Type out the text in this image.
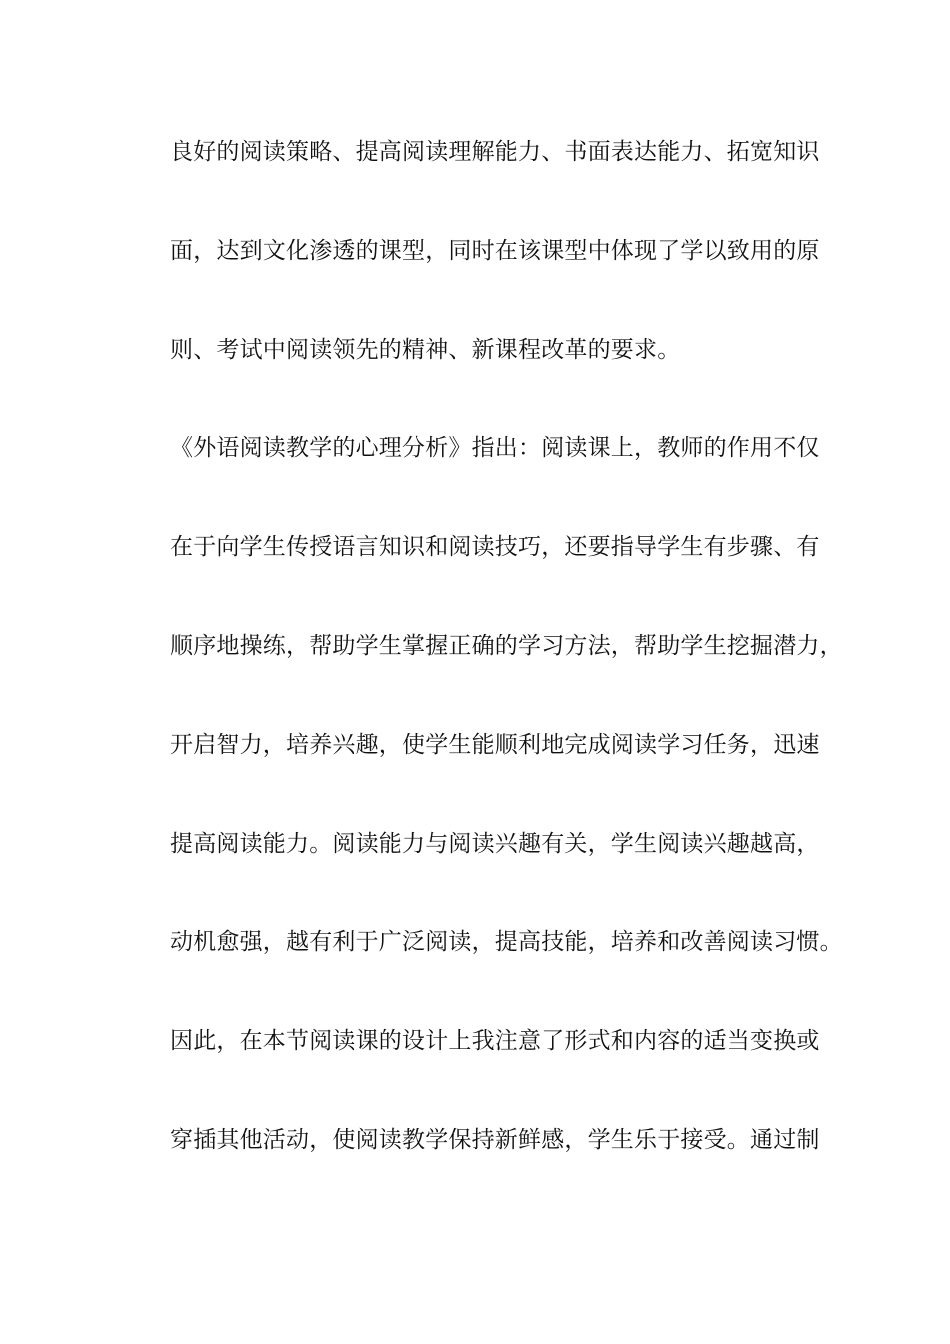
良好的阅读策略、提高阅读理解能力、书面表达能力、拓宽知识
面，达到文化渗透的课型，同时在该课型中体现了学以致用的原
则、考试中阅读领先的精神、新课程改革的要求。
《外语阅读教学的心理分析》指出：阅读课上，教师的作用不仅
在于向学生传授语言知识和阅读技巧，还要指导学生有步骤、有
顺序地操练，帮助学生掌握正确的学习方法，帮助学生挖掘潜力，
开启智力，培养兴趣，使学生能顺利地完成阅读学习任务，迅速
提高阅读能力。阅读能力与阅读兴趣有关，学生阅读兴趣越高，
动机愈强，越有利于广泛阅读，提高技能，培养和改善阅读习惯。
因此，在本节阅读课的设计上我注意了形式和内容的适当变换或
穿插其他活动，使阅读教学保持新鲜感，学生乐于接受。通过制
